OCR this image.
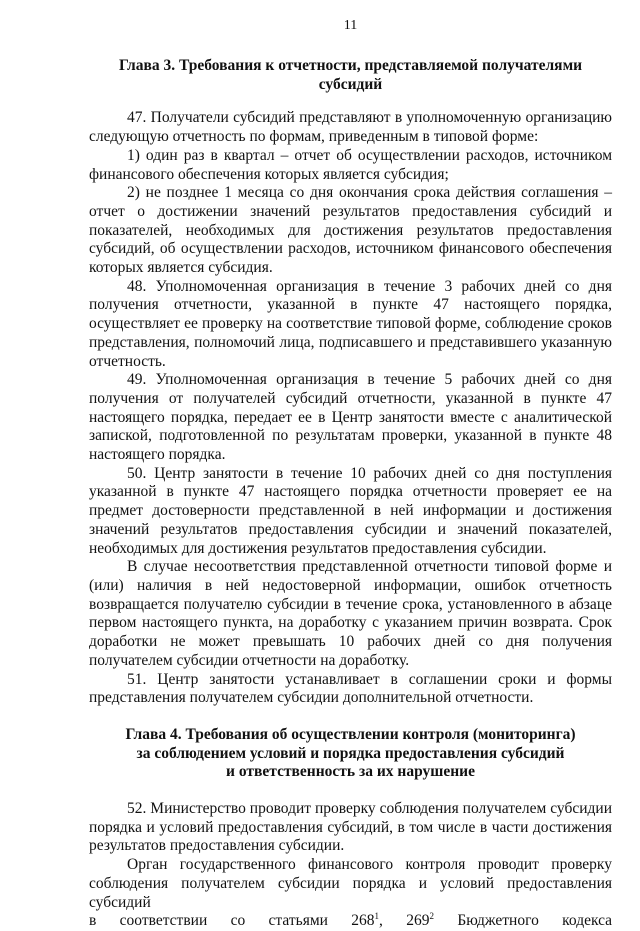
11
Глава 3. Требования к отчетности, представляемой получателями
субсидий

47. Получатели субсидий представляют в уполномоченную организацию следующую отчетность по формам, приведенным в типовой форме:

1) один раз в квартал – отчет об осуществлении расходов, источником финансового обеспечения которых является субсидия;

2) не позднее 1 месяца со дня окончания срока действия соглашения – отчет о достижении значений результатов предоставления субсидий и показателей, необходимых для достижения результатов предоставления субсидий, об осуществлении расходов, источником финансового обеспечения которых является субсидия.

48. Уполномоченная организация в течение 3 рабочих дней со дня получения отчетности, указанной в пункте 47 настоящего порядка, осуществляет ее проверку на соответствие типовой форме, соблюдение сроков представления, полномочий лица, подписавшего и представившего указанную отчетность.

49. Уполномоченная организация в течение 5 рабочих дней со дня получения от получателей субсидий отчетности, указанной в пункте 47 настоящего порядка, передает ее в Центр занятости вместе с аналитической запиской, подготовленной по результатам проверки, указанной в пункте 48 настоящего порядка.

50. Центр занятости в течение 10 рабочих дней со дня поступления указанной в пункте 47 настоящего порядка отчетности проверяет ее на предмет достоверности представленной в ней информации и достижения значений результатов предоставления субсидии и значений показателей, необходимых для достижения результатов предоставления субсидии.

В случае несоответствия представленной отчетности типовой форме и (или) наличия в ней недостоверной информации, ошибок отчетность возвращается получателю субсидии в течение срока, установленного в абзаце первом настоящего пункта, на доработку с указанием причин возврата. Срок доработки не может превышать 10 рабочих дней со дня получения получателем субсидии отчетности на доработку.

51. Центр занятости устанавливает в соглашении сроки и формы представления получателем субсидии дополнительной отчетности.

Глава 4. Требования об осуществлении контроля (мониторинга)
за соблюдением условий и порядка предоставления субсидий
и ответственность за их нарушение

52. Министерство проводит проверку соблюдения получателем субсидии порядка и условий предоставления субсидий, в том числе в части достижения результатов предоставления субсидии.

Орган государственного финансового контроля проводит проверку соблюдения получателем субсидии порядка и условий предоставления субсидий

в соответствии со статьями $268^1$, $269^2$ Бюджетного кодекса
